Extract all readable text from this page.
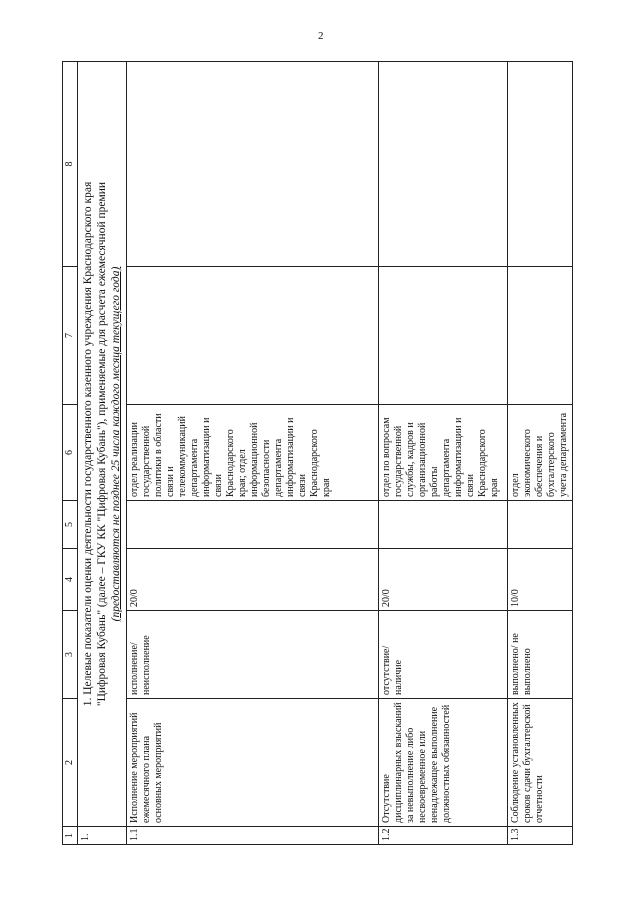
2
1	2	3	4	5	6	7	8
1.	1. Целевые показатели оценки деятельности государственного казенного учреждения Краснодарского края "Цифровая Кубань" (далее – ГКУ КК "Цифровая Кубань"), применяемые для расчета ежемесячной премии (предоставляются не позднее 25 числа каждого месяца текущего года)						

1.1	Исполнение мероприятий ежемесячного плана основных мероприятий	исполнение/ неисполнение	20/0		отдел реализации государственной политики в области связи и телекоммуникаций департамента информатизации и связи Краснодарского края; отдел информационной безопасности департамента информатизации и связи Краснодарского края		
1.2	Отсутствие дисциплинарных взысканий за невыполнение либо несвоевременное или ненадлежащее выполнение должностных обязанностей	отсутствие/ наличие	20/0		отдел по вопросам государственной службы, кадров и организационной работы департамента информатизации и связи Краснодарского края		
1.3	Соблюдение установленных сроков сдачи бухгалтерской отчетности	выполнено/ не выполнено	10/0		отдел экономического обеспечения и бухгалтерского учета департамента		
